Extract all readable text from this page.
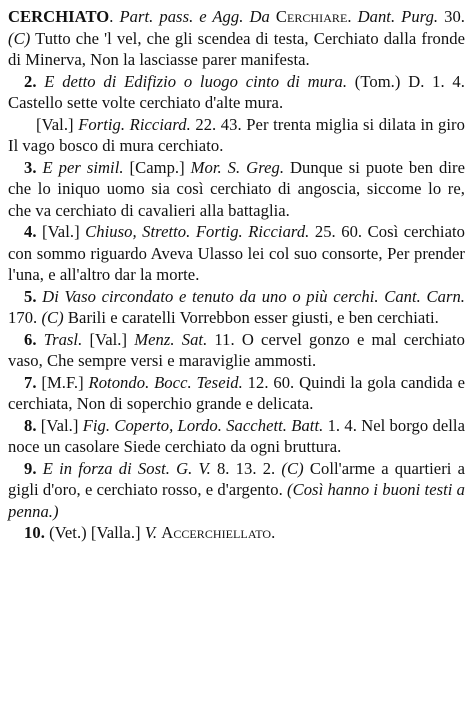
CERCHIATO. Part. pass. e Agg. Da Cerchiare. Dant. Purg. 30. (C) Tutto che 'l vel, che gli scendea di testa, Cerchiato dalla fronde di Minerva, Non la lasciasse parer manifesta.

2. E detto di Edifizio o luogo cinto di mura. (Tom.) D. 1. 4. Castello sette volte cerchiato d'alte mura.

[Val.] Fortig. Ricciard. 22. 43. Per trenta miglia si dilata in giro Il vago bosco di mura cerchiato.

3. E per simil. [Camp.] Mor. S. Greg. Dunque si puote ben dire che lo iniquo uomo sia così cerchiato di angoscia, siccome lo re, che va cerchiato di cavalieri alla battaglia.

4. [Val.] Chiuso, Stretto. Fortig. Ricciard. 25. 60. Così cerchiato con sommo riguardo Aveva Ulasso lei col suo consorte, Per prender l'una, e all'altro dar la morte.

5. Di Vaso circondato e tenuto da uno o più cerchi. Cant. Carn. 170. (C) Barili e caratelli Vorrebbon esser giusti, e ben cerchiati.

6. Trasl. [Val.] Menz. Sat. 11. O cervel gonzo e mal cerchiato vaso, Che sempre versi e maraviglie ammosti.

7. [M.F.] Rotondo. Bocc. Teseid. 12. 60. Quindi la gola candida e cerchiata, Non di soperchio grande e delicata.

8. [Val.] Fig. Coperto, Lordo. Sacchett. Batt. 1. 4. Nel borgo della noce un casolare Siede cerchiato da ogni bruttura.

9. E in forza di Sost. G. V. 8. 13. 2. (C) Coll'arme a quartieri a gigli d'oro, e cerchiato rosso, e d'argento. (Così hanno i buoni testi a penna.)

10. (Vet.) [Valla.] V. Accerchiellato.
